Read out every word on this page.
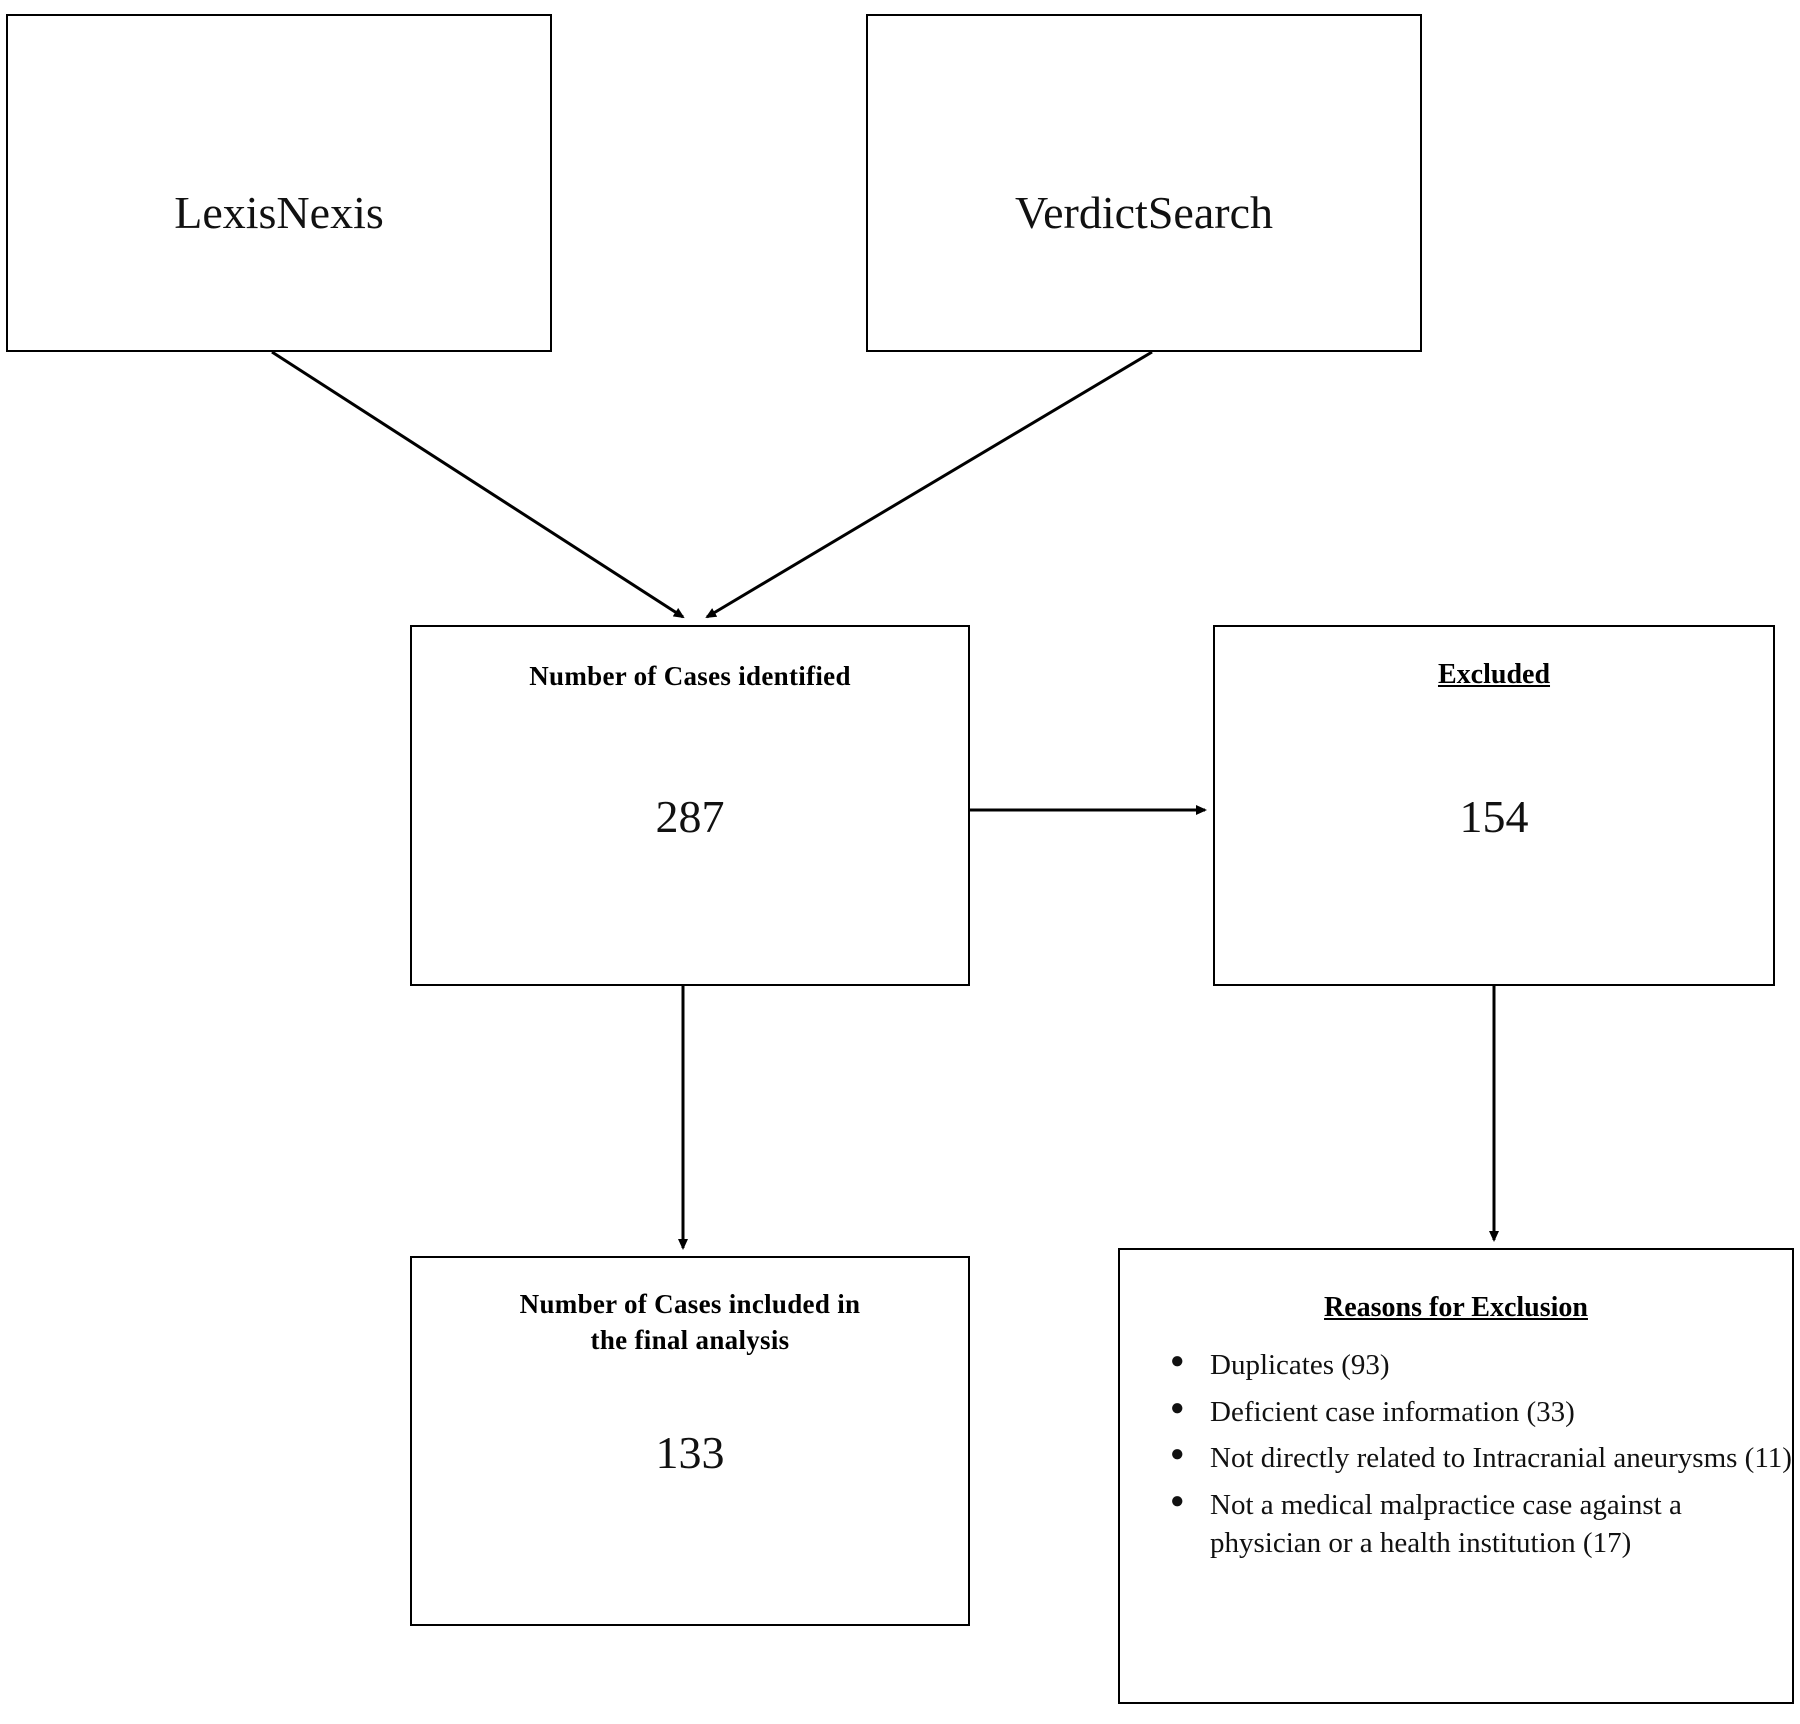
LexisNexis	VerdictSearch
Number of Cases identified
287
Excluded
154
Number of Cases included in
the final analysis
133
Reasons for Exclusion
● Duplicates (93)
● Deficient case information (33)
● Not directly related to Intracranial aneurysms (11)
● Not a medical malpractice case against a physician or a health institution (17)
